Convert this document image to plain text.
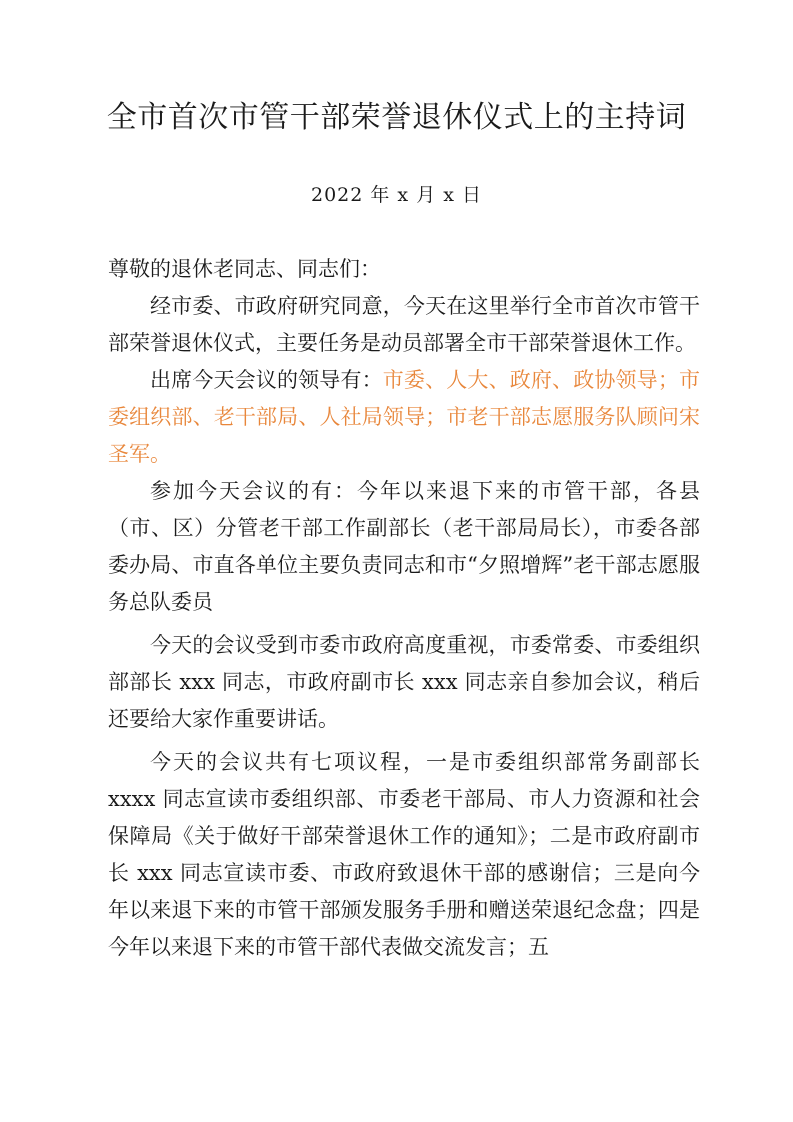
全市首次市管干部荣誉退休仪式上的主持词
2022 年 x 月 x 日

尊敬的退休老同志、同志们：

经市委、市政府研究同意，今天在这里举行全市首次市管干部荣誉退休仪式，主要任务是动员部署全市干部荣誉退休工作。

出席今天会议的领导有：市委、人大、政府、政协领导；市委组织部、老干部局、人社局领导；市老干部志愿服务队顾问宋圣军。

参加今天会议的有：今年以来退下来的市管干部，各县（市、区）分管老干部工作副部长（老干部局局长），市委各部委办局、市直各单位主要负责同志和市“夕照增辉”老干部志愿服务总队委员

今天的会议受到市委市政府高度重视，市委常委、市委组织部部长 xxx 同志，市政府副市长 xxx 同志亲自参加会议，稍后还要给大家作重要讲话。

今天的会议共有七项议程，一是市委组织部常务副部长 xxxx 同志宣读市委组织部、市委老干部局、市人力资源和社会保障局《关于做好干部荣誉退休工作的通知》；二是市政府副市长 xxx 同志宣读市委、市政府致退休干部的感谢信；三是向今年以来退下来的市管干部颁发服务手册和赠送荣退纪念盘；四是今年以来退下来的市管干部代表做交流发言；五
